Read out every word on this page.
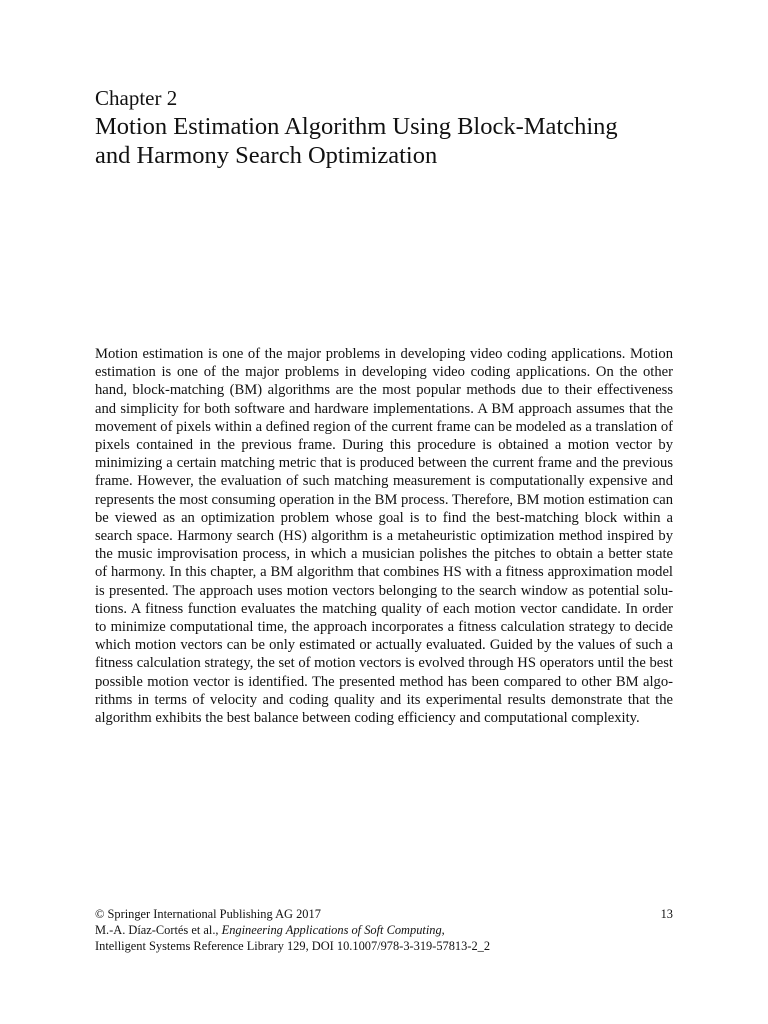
Chapter 2
Motion Estimation Algorithm Using Block-Matching and Harmony Search Optimization

Motion estimation is one of the major problems in developing video coding applications. Motion estimation is one of the major problems in developing video coding applications. On the other hand, block-matching (BM) algorithms are the most popular methods due to their effectiveness and simplicity for both software and hardware implementations. A BM approach assumes that the movement of pixels within a defined region of the current frame can be modeled as a translation of pixels contained in the previous frame. During this procedure is obtained a motion vector by minimizing a certain matching metric that is produced between the current frame and the previous frame. However, the evaluation of such matching measurement is computationally expensive and represents the most consuming operation in the BM process. Therefore, BM motion estimation can be viewed as an optimization problem whose goal is to find the best-matching block within a search space. Harmony search (HS) algorithm is a metaheuristic optimization method inspired by the music improvisation process, in which a musician polishes the pitches to obtain a better state of harmony. In this chapter, a BM algorithm that combines HS with a fitness approximation model is presented. The approach uses motion vectors belonging to the search window as potential solutions. A fitness function evaluates the matching quality of each motion vector candidate. In order to minimize computational time, the approach incorporates a fitness calculation strategy to decide which motion vectors can be only estimated or actually evaluated. Guided by the values of such a fitness calculation strategy, the set of motion vectors is evolved through HS operators until the best possible motion vector is identified. The presented method has been compared to other BM algorithms in terms of velocity and coding quality and its experimental results demonstrate that the algorithm exhibits the best balance between coding efficiency and computational complexity.

© Springer International Publishing AG 2017	13
M.-A. Díaz-Cortés et al., Engineering Applications of Soft Computing,
Intelligent Systems Reference Library 129, DOI 10.1007/978-3-319-57813-2_2
